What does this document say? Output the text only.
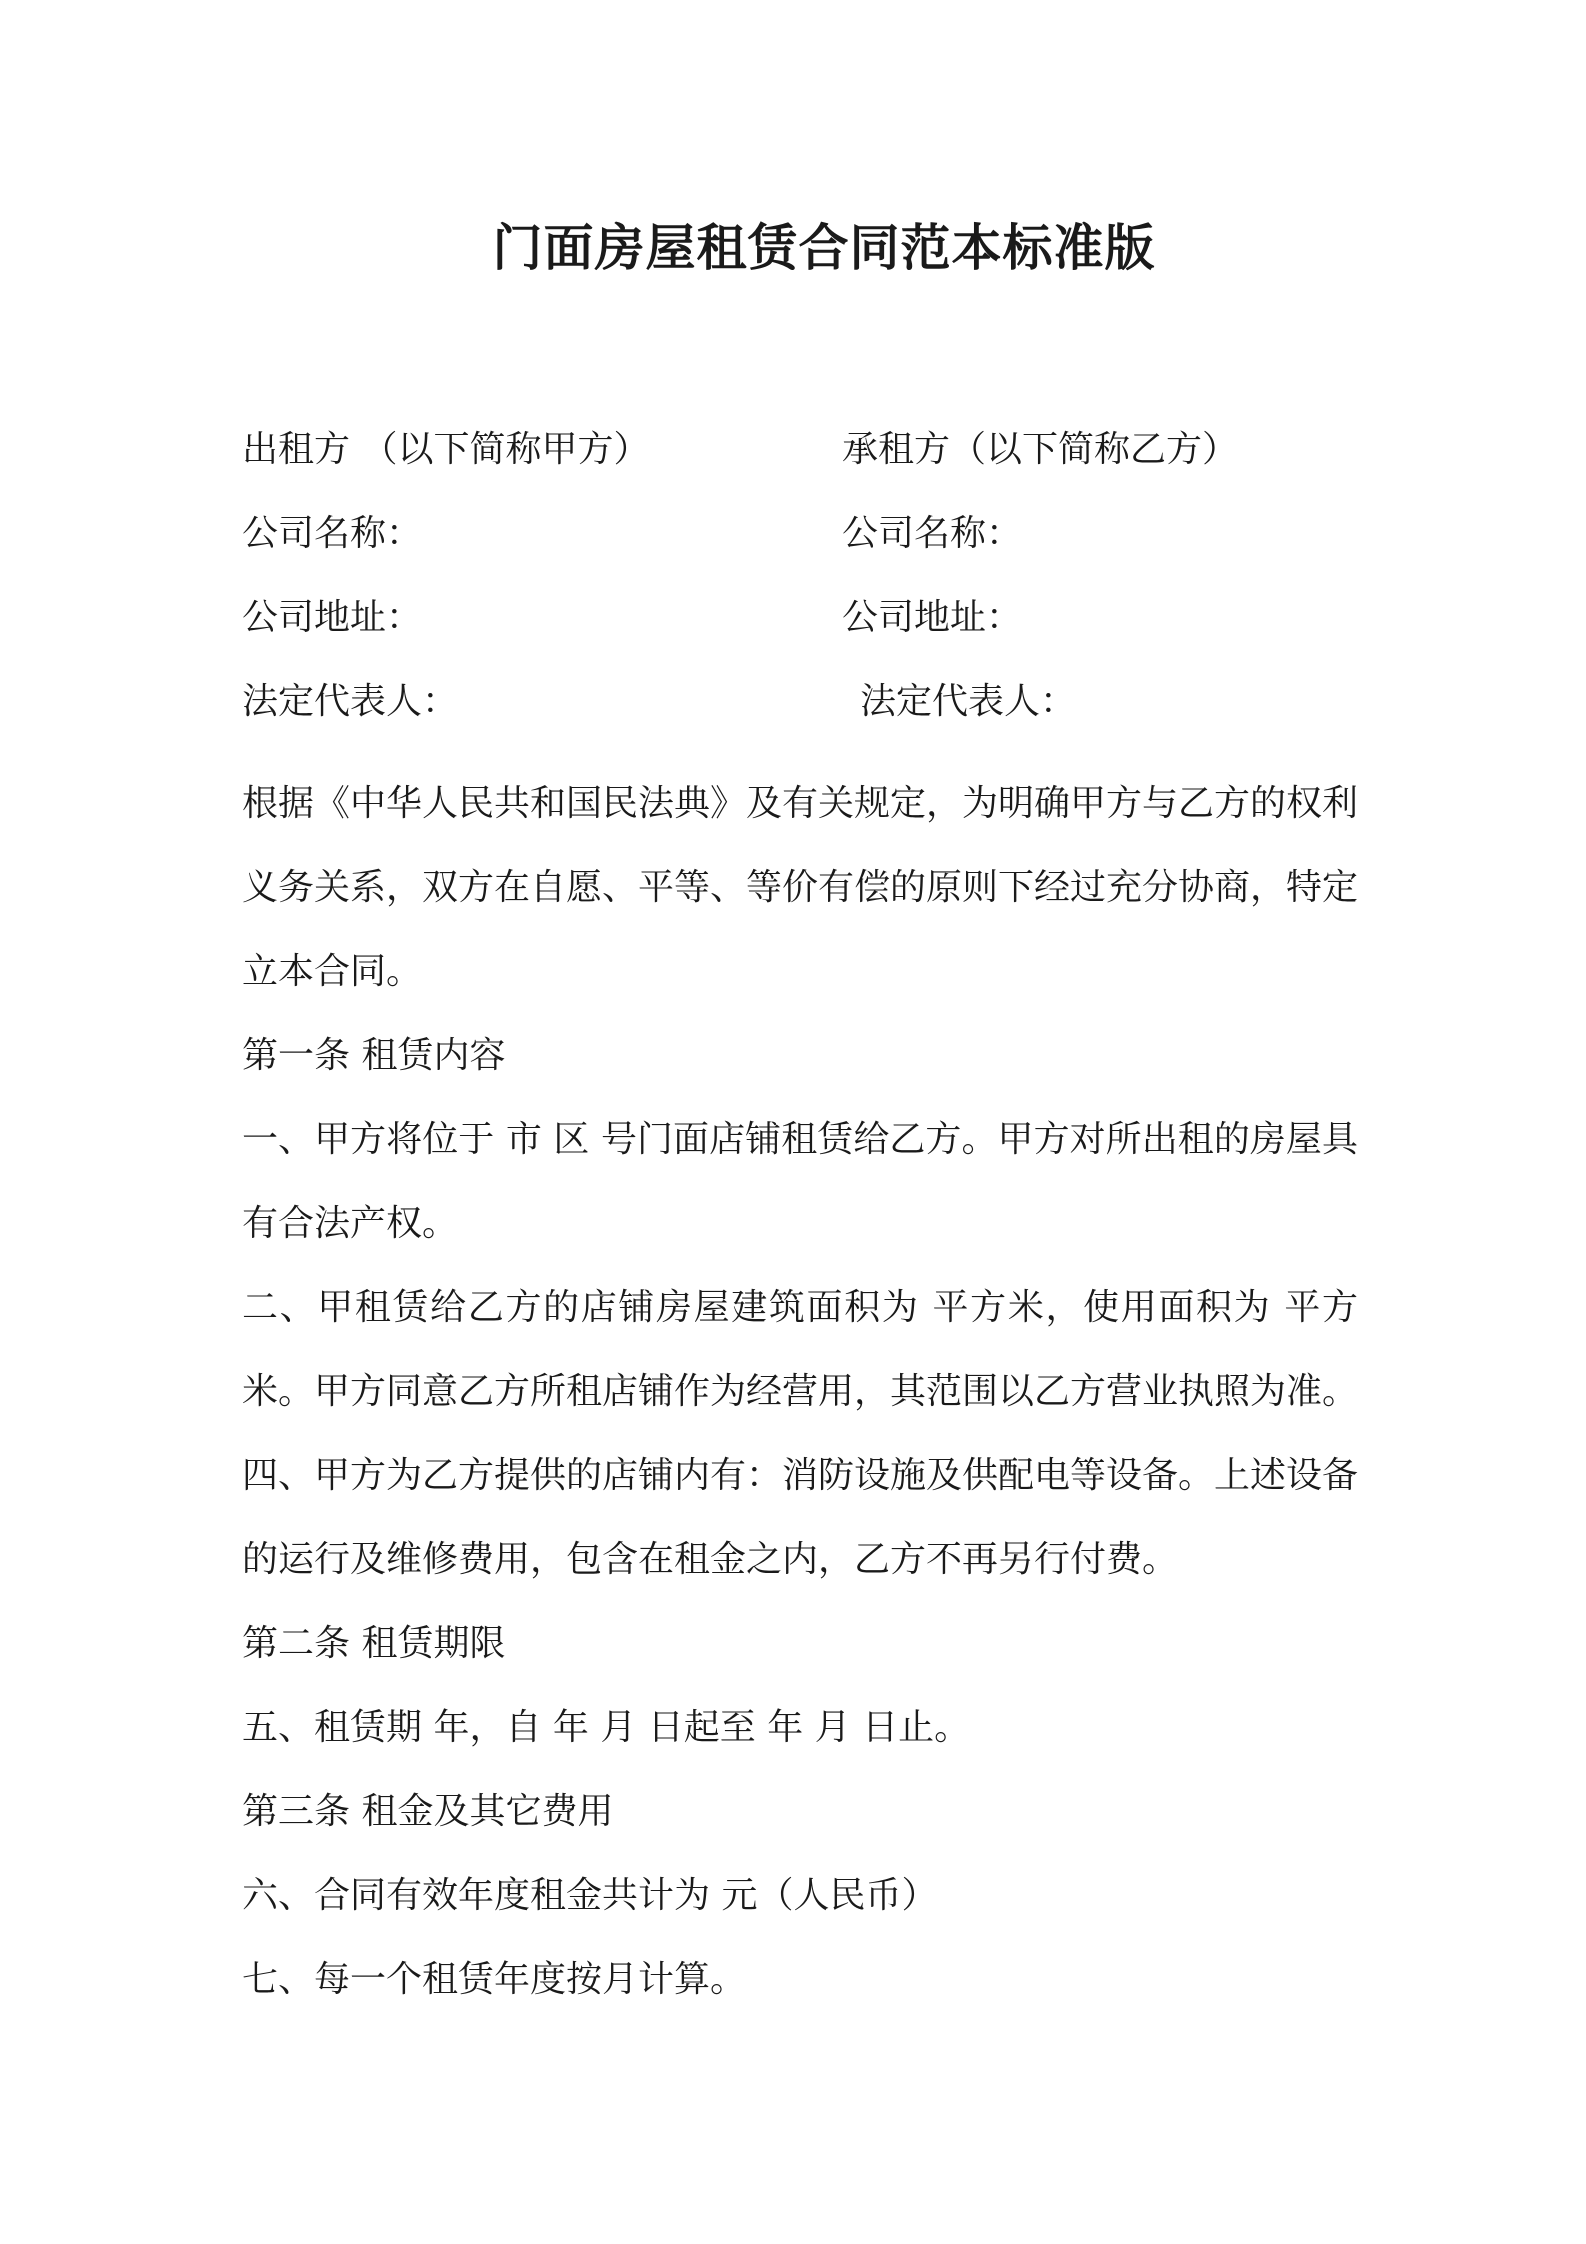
门面房屋租赁合同范本标准版
出租方 （以下简称甲方）	承租方（以下简称乙方）
公司名称：	公司名称：
公司地址：	公司地址：
法定代表人：	法定代表人：

根据《中华人民共和国民法典》及有关规定，为明确甲方与乙方的权利义务关系，双方在自愿、平等、等价有偿的原则下经过充分协商，特定立本合同。

第一条 租赁内容

一、甲方将位于 市 区 号门面店铺租赁给乙方。甲方对所出租的房屋具有合法产权。

二、甲租赁给乙方的店铺房屋建筑面积为 平方米，使用面积为 平方米。甲方同意乙方所租店铺作为经营用，其范围以乙方营业执照为准。

四、甲方为乙方提供的店铺内有：消防设施及供配电等设备。上述设备的运行及维修费用，包含在租金之内，乙方不再另行付费。

第二条 租赁期限

五、租赁期 年，自 年 月 日起至 年 月 日止。

第三条 租金及其它费用

六、合同有效年度租金共计为 元（人民币）

七、每一个租赁年度按月计算。
